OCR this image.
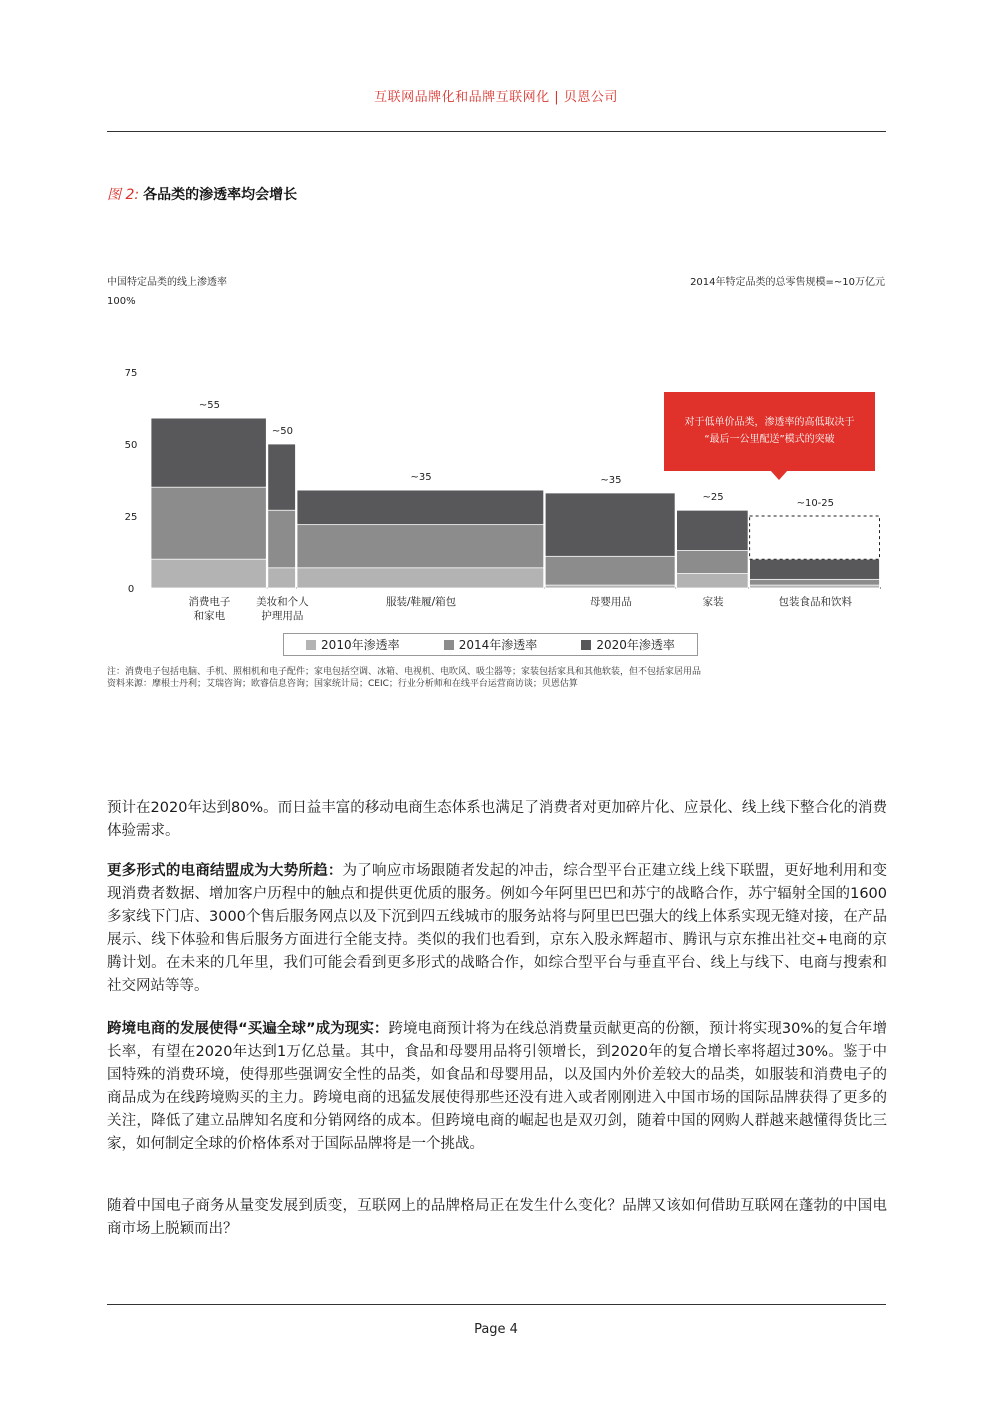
互联网品牌化和品牌互联网化 | 贝恩公司
图 2: 各品类的渗透率均会增长
中国特定品类的线上渗透率	2014年特定品类的总零售规模=~10万亿元
0
25
50
75
100%
~55
消费电子
和家电
~50
美妆和个人
护理用品
~35
服装/鞋履/箱包
~35
母婴用品
~25
家装
~10-25
包装食品和饮料
对于低单价品类，渗透率的高低取决于
“最后一公里配送”模式的突破
2010年渗透率	2014年渗透率	2020年渗透率
注：消费电子包括电脑、手机、照相机和电子配件；家电包括空调、冰箱、电视机、电吹风、吸尘器等；家装包括家具和其他软装，但不包括家居用品
资料来源：摩根士丹利；艾瑞咨询；欧睿信息咨询；国家统计局；CEIC；行业分析师和在线平台运营商访谈；贝恩估算
预计在2020年达到80%。而日益丰富的移动电商生态体系也满足了消费者对更加碎片化、应景化、线上线下整合化的消费体验需求。
更多形式的电商结盟成为大势所趋：为了响应市场跟随者发起的冲击，综合型平台正建立线上线下联盟，更好地利用和变现消费者数据、增加客户历程中的触点和提供更优质的服务。例如今年阿里巴巴和苏宁的战略合作，苏宁辐射全国的1600多家线下门店、3000个售后服务网点以及下沉到四五线城市的服务站将与阿里巴巴强大的线上体系实现无缝对接，在产品展示、线下体验和售后服务方面进行全能支持。类似的我们也看到，京东入股永辉超市、腾讯与京东推出社交+电商的京腾计划。在未来的几年里，我们可能会看到更多形式的战略合作，如综合型平台与垂直平台、线上与线下、电商与搜索和社交网站等等。
跨境电商的发展使得“买遍全球”成为现实：跨境电商预计将为在线总消费量贡献更高的份额，预计将实现30%的复合年增长率，有望在2020年达到1万亿总量。其中，食品和母婴用品将引领增长，到2020年的复合增长率将超过30%。鉴于中国特殊的消费环境，使得那些强调安全性的品类，如食品和母婴用品，以及国内外价差较大的品类，如服装和消费电子的商品成为在线跨境购买的主力。跨境电商的迅猛发展使得那些还没有进入或者刚刚进入中国市场的国际品牌获得了更多的关注，降低了建立品牌知名度和分销网络的成本。但跨境电商的崛起也是双刃剑，随着中国的网购人群越来越懂得货比三家，如何制定全球的价格体系对于国际品牌将是一个挑战。
随着中国电子商务从量变发展到质变，互联网上的品牌格局正在发生什么变化？品牌又该如何借助互联网在蓬勃的中国电商市场上脱颖而出？
Page 4
